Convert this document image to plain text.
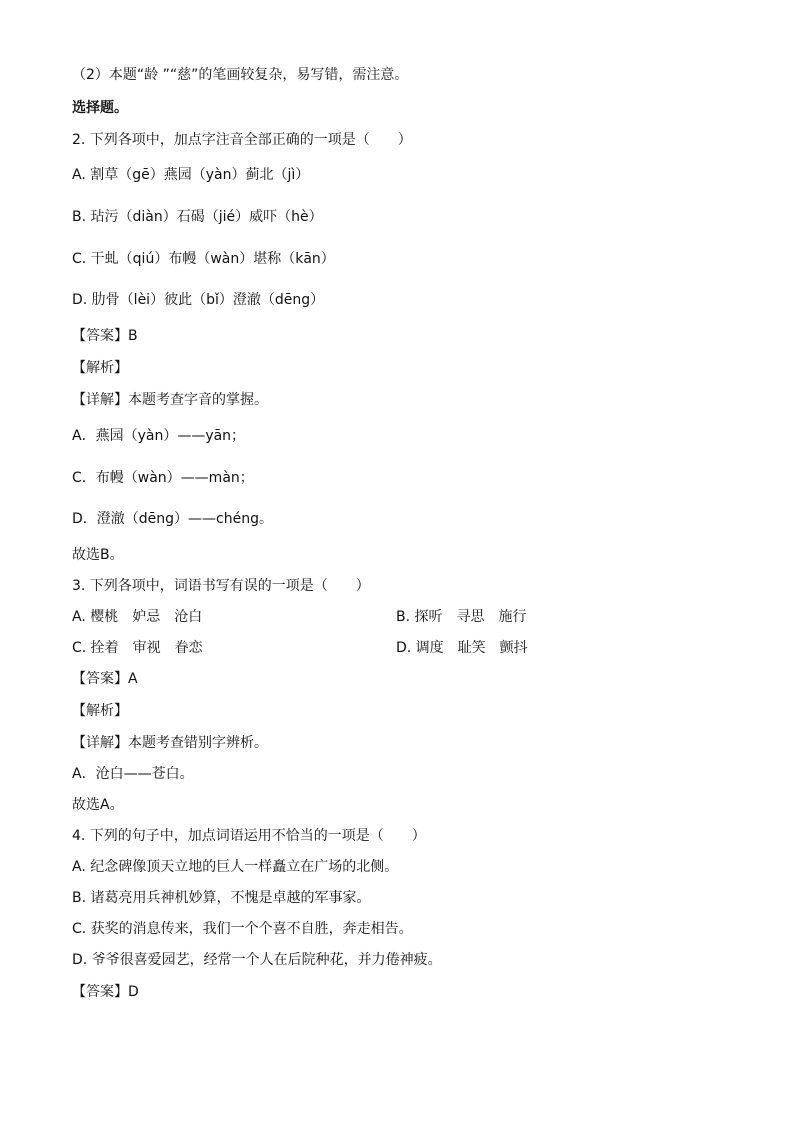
（2）本题“龄 ”“慈”的笔画较复杂，易写错，需注意。
选择题。
2. 下列各项中，加点字注音全部正确的一项是（　　）
A. 割草（gē）燕园（yàn）蓟北（jì）
B. 玷污（diàn）石碣（jié）威吓（hè）
C. 干虬（qiú）布幔（wàn）堪称（kān）
D. 肋骨（lèi）彼此（bǐ）澄澈（dēng）
【答案】B
【解析】
【详解】本题考查字音的掌握。
A．燕园（yàn）——yān；
C．布幔（wàn）——màn；
D．澄澈（dēng）——chéng。
故选B。
3. 下列各项中，词语书写有误的一项是（　　）
A. 樱桃　妒忌　沧白	B. 探听　寻思　施行
C. 拴着　审视　眷恋	D. 调度　耻笑　颤抖
【答案】A
【解析】
【详解】本题考查错别字辨析。
A．沧白——苍白。
故选A。
4. 下列的句子中，加点词语运用不恰当的一项是（　　）
A. 纪念碑像顶天立地的巨人一样矗立在广场的北侧。
B. 诸葛亮用兵神机妙算，不愧是卓越的军事家。
C. 获奖的消息传来，我们一个个喜不自胜，奔走相告。
D. 爷爷很喜爱园艺，经常一个人在后院种花，并力倦神疲。
【答案】D
